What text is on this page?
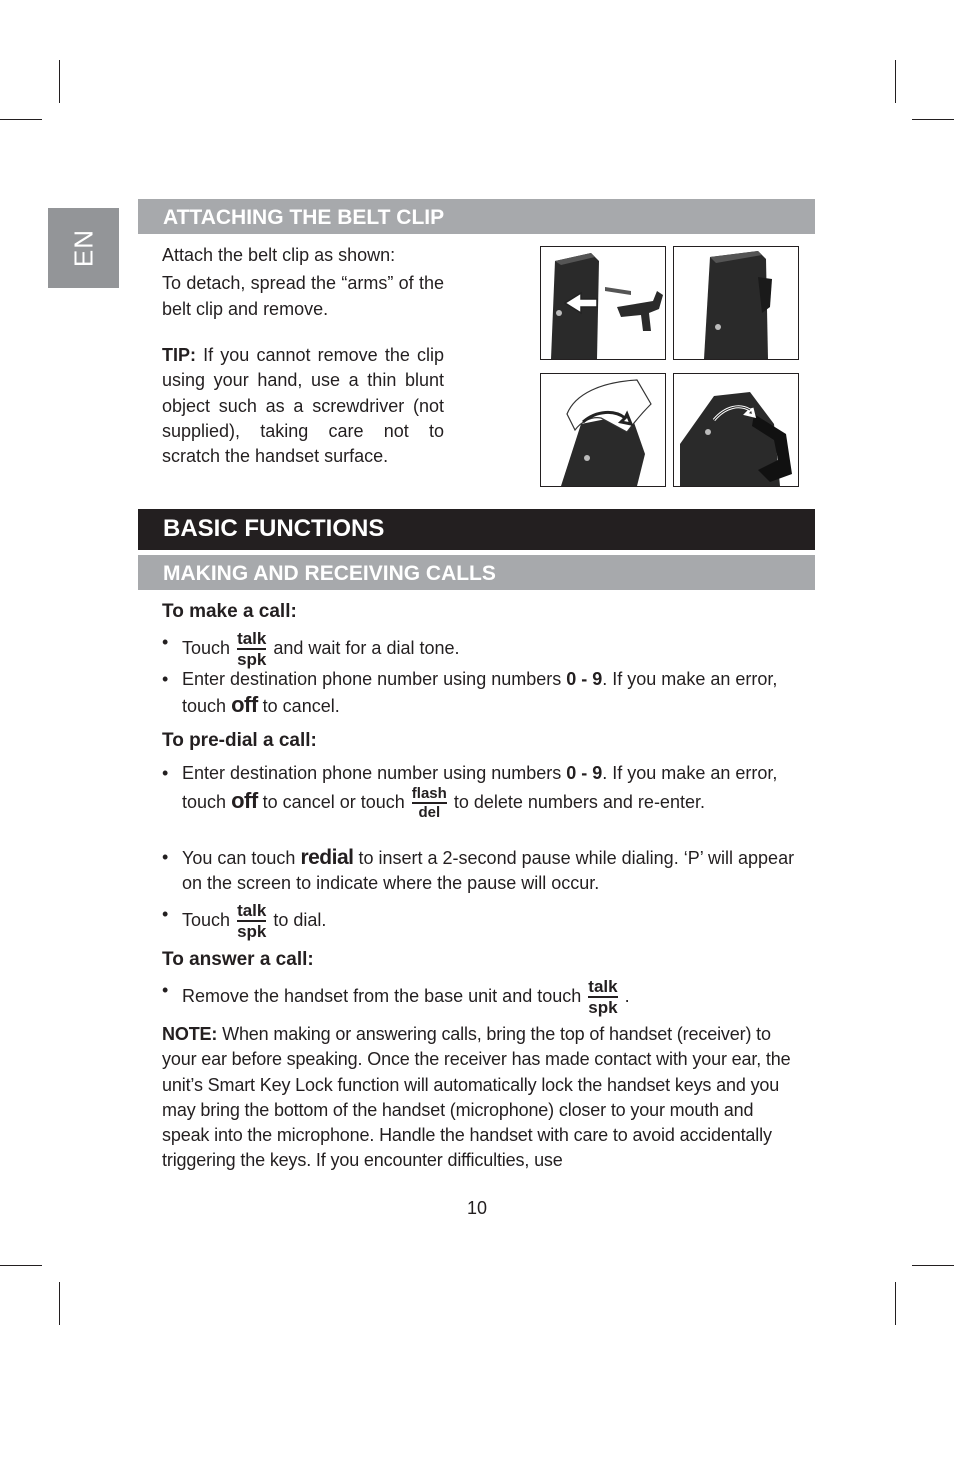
EN
ATTACHING THE BELT CLIP

Attach the belt clip as shown:

To detach, spread the “arms” of the belt clip and remove.

TIP: If you cannot remove the clip using your hand, use a thin blunt object such as a screwdriver (not supplied), taking care not to scratch the handset surface.
BASIC FUNCTIONS
MAKING AND RECEIVING CALLS
To make a call:
• Touch talk
spk
and wait for a dial tone.
• Enter destination phone number using numbers 0 - 9. If you make an error, touch off to cancel.
To pre-dial a call:
• Enter destination phone number using numbers 0 - 9. If you make an error, touch off to cancel or touch flash
del
to delete numbers and re-enter.
• You can touch redial to insert a 2-second pause while dialing. ‘P’ will appear on the screen to indicate where the pause will occur.
• Touch talk
spk
to dial.
To answer a call:
• Remove the handset from the base unit and touch talk
spk
.
NOTE: When making or answering calls, bring the top of handset (receiver) to your ear before speaking. Once the receiver has made contact with your ear, the unit’s Smart Key Lock function will automatically lock the handset keys and you may bring the bottom of the handset (microphone) closer to your mouth and speak into the microphone. Handle the handset with care to avoid accidentally triggering the keys. If you encounter difficulties, use
10
